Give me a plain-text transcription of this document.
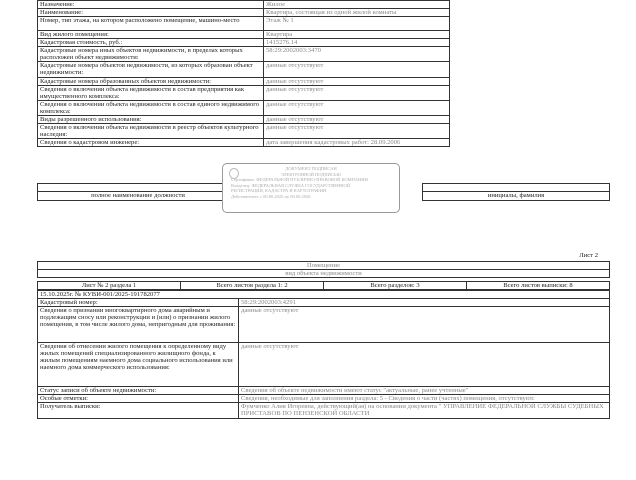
Назначение:	Жилое
Наименование:	Квартира, состоящая из одной жилой комнаты
Номер, тип этажа, на котором расположено помещение, машино-место	Этаж № 1
Вид жилого помещения:	Квартира
Кадастровая стоимость, руб.:	1415276.14
Кадастровые номера иных объектов недвижимости, в пределах которых расположен объект недвижимости:	58:29:2002003:3470
Кадастровые номера объектов недвижимости, из которых образован объект недвижимости:	данные отсутствуют
Кадастровые номера образованных объектов недвижимости:	данные отсутствуют
Сведения о включении объекта недвижимости в состав предприятия как имущественного комплекса:	данные отсутствуют
Сведения о включении объекта недвижимости в состав единого недвижимого комплекса:	данные отсутствуют
Виды разрешенного использования:	данные отсутствуют
Сведения о включении объекта недвижимости в реестр объектов культурного наследия:	данные отсутствуют
Сведения о кадастровом инженере:	дата завершения кадастровых работ: 28.09.2006

полное наименование должности		инициалы, фамилия
ДОКУМЕНТ ПОДПИСАН
ЭЛЕКТРОННОЙ ПОДПИСЬЮ
Сертификат: ФЕДЕРАЛЬНОЙ ПУБЛИЧНО-ПРАВОВОЙ КОМПАНИИ
Владелец: ФЕДЕРАЛЬНАЯ СЛУЖБА ГОСУДАРСТВЕННОЙ
РЕГИСТРАЦИИ, КАДАСТРА И КАРТОГРАФИИ
Действителен: с 00.00.2025 по 00.00.2026
Лист 2
Помещение
вид объекта недвижимости
Лист № 2 раздела 1	Всего листов раздела 1: 2	Всего разделов: 3	Всего листов выписки: 8
15.10.2025г. № КУВИ-001/2025-191782077
Кадастровый номер:	58:29:2002003:4291
Сведения о признании многоквартирного дома аварийным и подлежащим сносу или реконструкции и (или) о признании жилого помещения, в том числе жилого дома, непригодным для проживания:	данные отсутствуют
Сведения об отнесении жилого помещения к определенному виду жилых помещений специализированного жилищного фонда, к жилым помещениям наемного дома социального использования или наемного дома коммерческого использования:	данные отсутствуют
Статус записи об объекте недвижимости:	Сведения об объекте недвижимости имеют статус "актуальные, ранее учтенные"
Особые отметки:	Сведения, необходимые для заполнения раздела: 5 - Сведения о части (частях) помещения, отсутствуют.
Получатель выписки:	Фумченко Алия Игоревна, действующий(ая) на основании документа " УПРАВЛЕНИЕ ФЕДЕРАЛЬНОЙ СЛУЖБЫ СУДЕБНЫХ ПРИСТАВОВ ПО ПЕНЗЕНСКОЙ ОБЛАСТИ
